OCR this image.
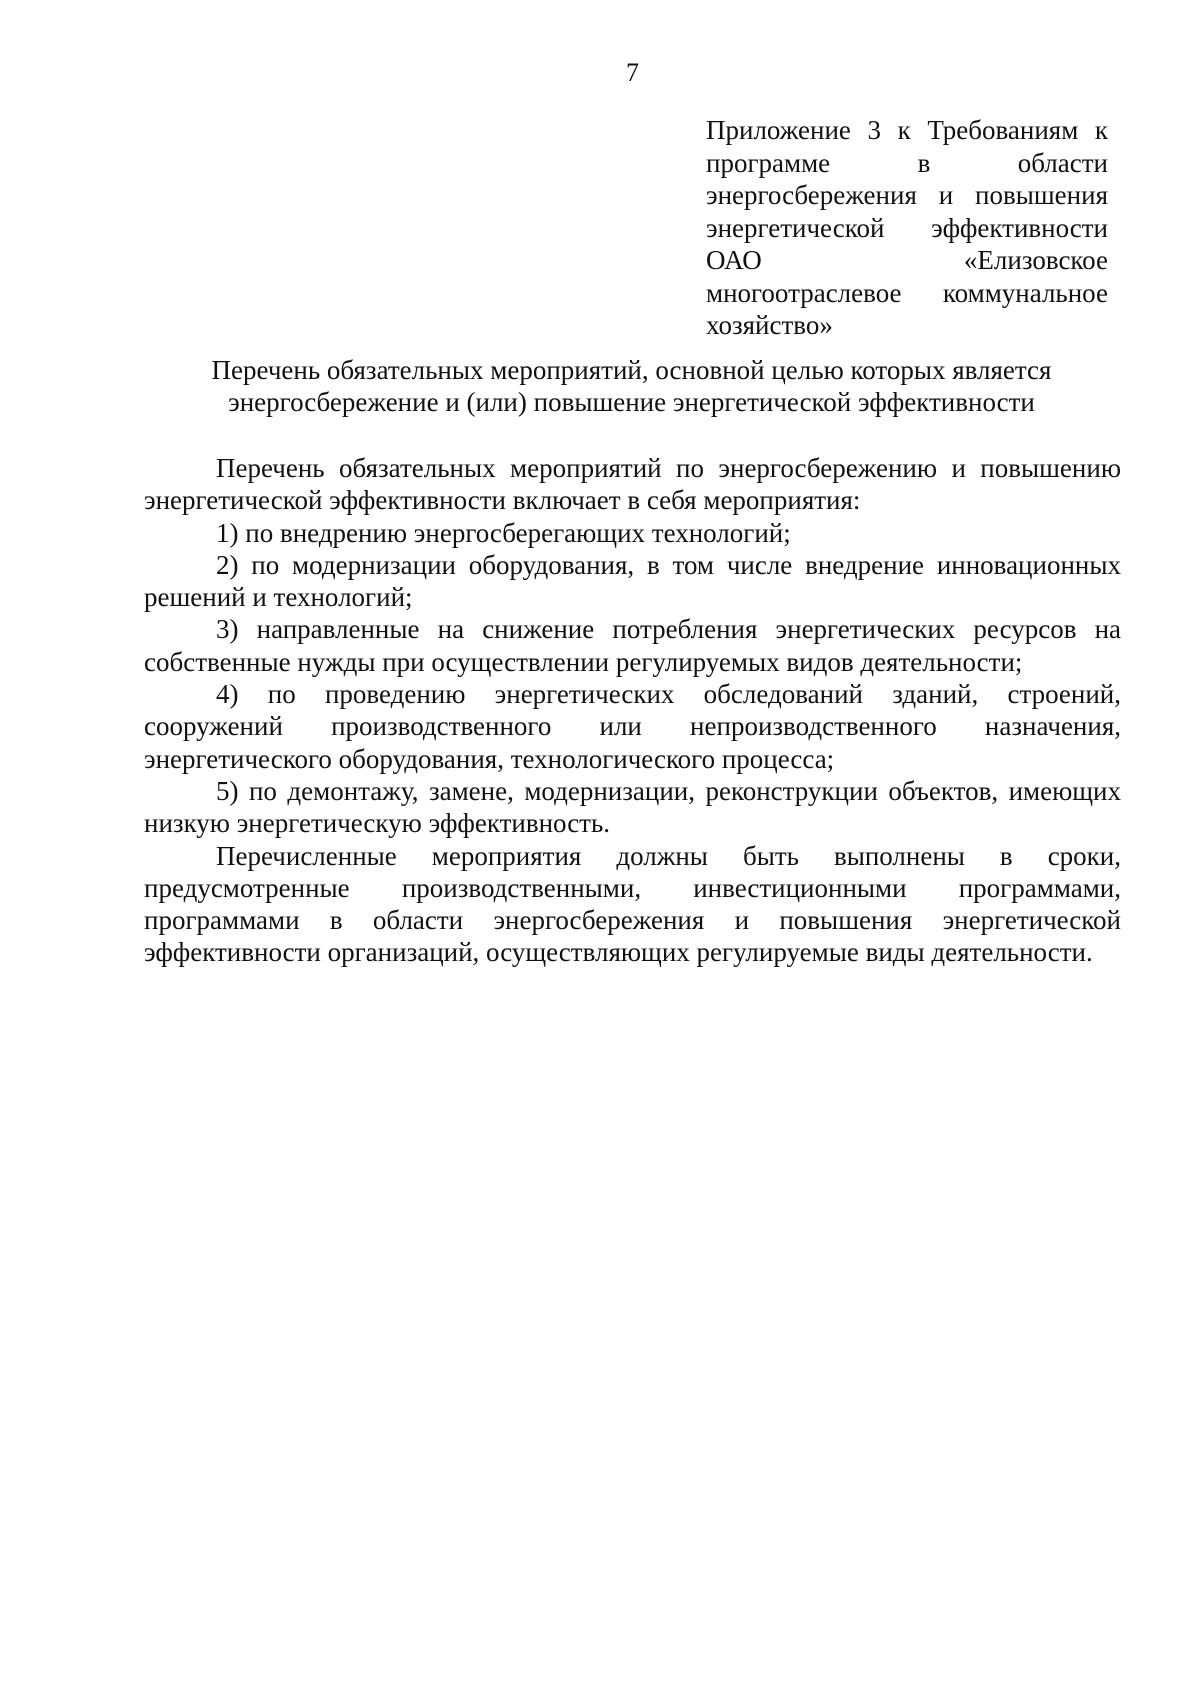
7
Приложение 3 к Требованиям к программе в области энергосбережения и повышения энергетической эффективности ОАО «Елизовское многоотраслевое коммунальное хозяйство»
Перечень обязательных мероприятий, основной целью которых является
энергосбережение и (или) повышение энергетической эффективности

Перечень обязательных мероприятий по энергосбережению и повышению энергетической эффективности включает в себя мероприятия:

1) по внедрению энергосберегающих технологий;

2) по модернизации оборудования, в том числе внедрение инновационных решений и технологий;

3) направленные на снижение потребления энергетических ресурсов на собственные нужды при осуществлении регулируемых видов деятельности;

4) по проведению энергетических обследований зданий, строений, сооружений производственного или непроизводственного назначения, энергетического оборудования, технологического процесса;

5) по демонтажу, замене, модернизации, реконструкции объектов, имеющих низкую энергетическую эффективность.

Перечисленные мероприятия должны быть выполнены в сроки, предусмотренные производственными, инвестиционными программами, программами в области энергосбережения и повышения энергетической эффективности организаций, осуществляющих регулируемые виды деятельности.
